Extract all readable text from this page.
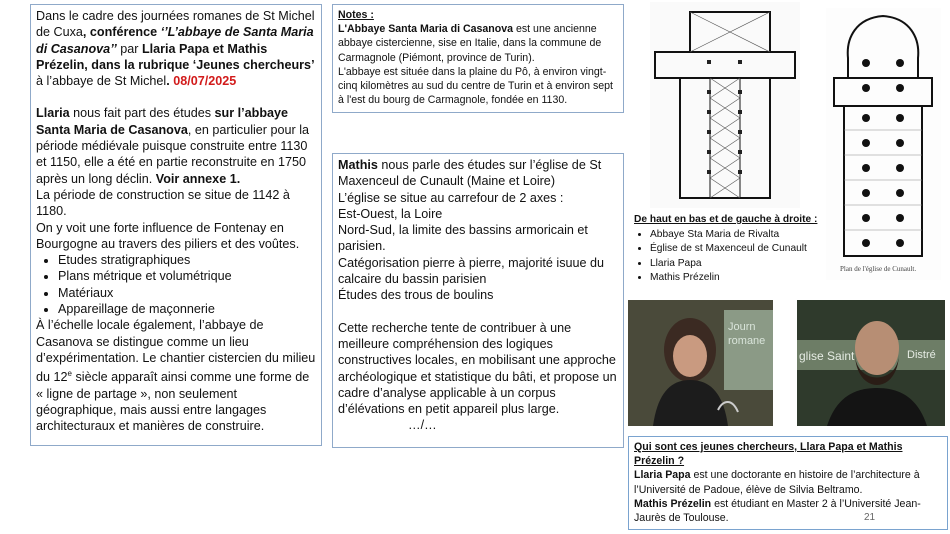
Dans le cadre des journées romanes de St Michel de Cuxa, conférence ‘’L’abbaye de Santa Maria di Casanova’’ par Llaria Papa et Mathis Prézelin, dans la rubrique ‘Jeunes chercheurs’ à l’abbaye de St Michel. 08/07/2025

Llaria nous fait part des études sur l’abbaye Santa Maria de Casanova, en particulier pour la période médiévale puisque construite entre 1130 et 1150, elle a été en partie reconstruite en 1750 après un long déclin. Voir annexe 1.

La période de construction se situe de 1142 à 1180.

On y voit une forte influence de Fontenay en Bourgogne au travers des piliers et des voûtes.

• Etudes stratigraphiques
• Plans métrique et volumétrique
• Matériaux
• Appareillage de maçonnerie

À l’échelle locale également, l’abbaye de Casanova se distingue comme un lieu d’expérimentation. Le chantier cistercien du milieu du 12e siècle apparaît ainsi comme une forme de « ligne de partage », non seulement géographique, mais aussi entre langages architecturaux et manières de construire.

Notes :

L'Abbaye Santa Maria di Casanova est une ancienne abbaye cistercienne, sise en Italie, dans la commune de Carmagnole (Piémont, province de Turin).

L'abbaye est située dans la plaine du Pô, à environ vingt-cinq kilomètres au sud du centre de Turin et à environ sept à l'est du bourg de Carmagnole, fondée en 1130.

Mathis nous parle des études sur l’église de St Maxenceul de Cunault (Maine et Loire)

L’église se situe au carrefour de 2 axes :

Est-Ouest, la Loire

Nord-Sud, la limite des bassins armoricain et parisien.

Catégorisation pierre à pierre, majorité isuue du calcaire du bassin parisien

Études des trous de boulins

Cette recherche tente de contribuer à une meilleure compréhension des logiques constructives locales, en mobilisant une approche archéologique et statistique du bâti, et propose un cadre d’analyse applicable à un corpus d’élévations en petit appareil plus large.

…/…

Plan de l'église de Cunault.

De haut en bas et de gauche à droite :

• Abbaye Sta Maria de Rivalta
• Église de st Maxenceul de Cunault
• Llaria Papa
• Mathis Prézelin
Journ
romane
glise Saint	Distré

Qui sont ces jeunes chercheurs, Llara Papa et Mathis Prézelin ?

Llaria Papa est une doctorante en histoire de l’architecture à l’Université de Padoue, élève de Silvia Beltramo.

Mathis Prézelin est étudiant en Master 2 à l’Université Jean-Jaurès de Toulouse.	21
